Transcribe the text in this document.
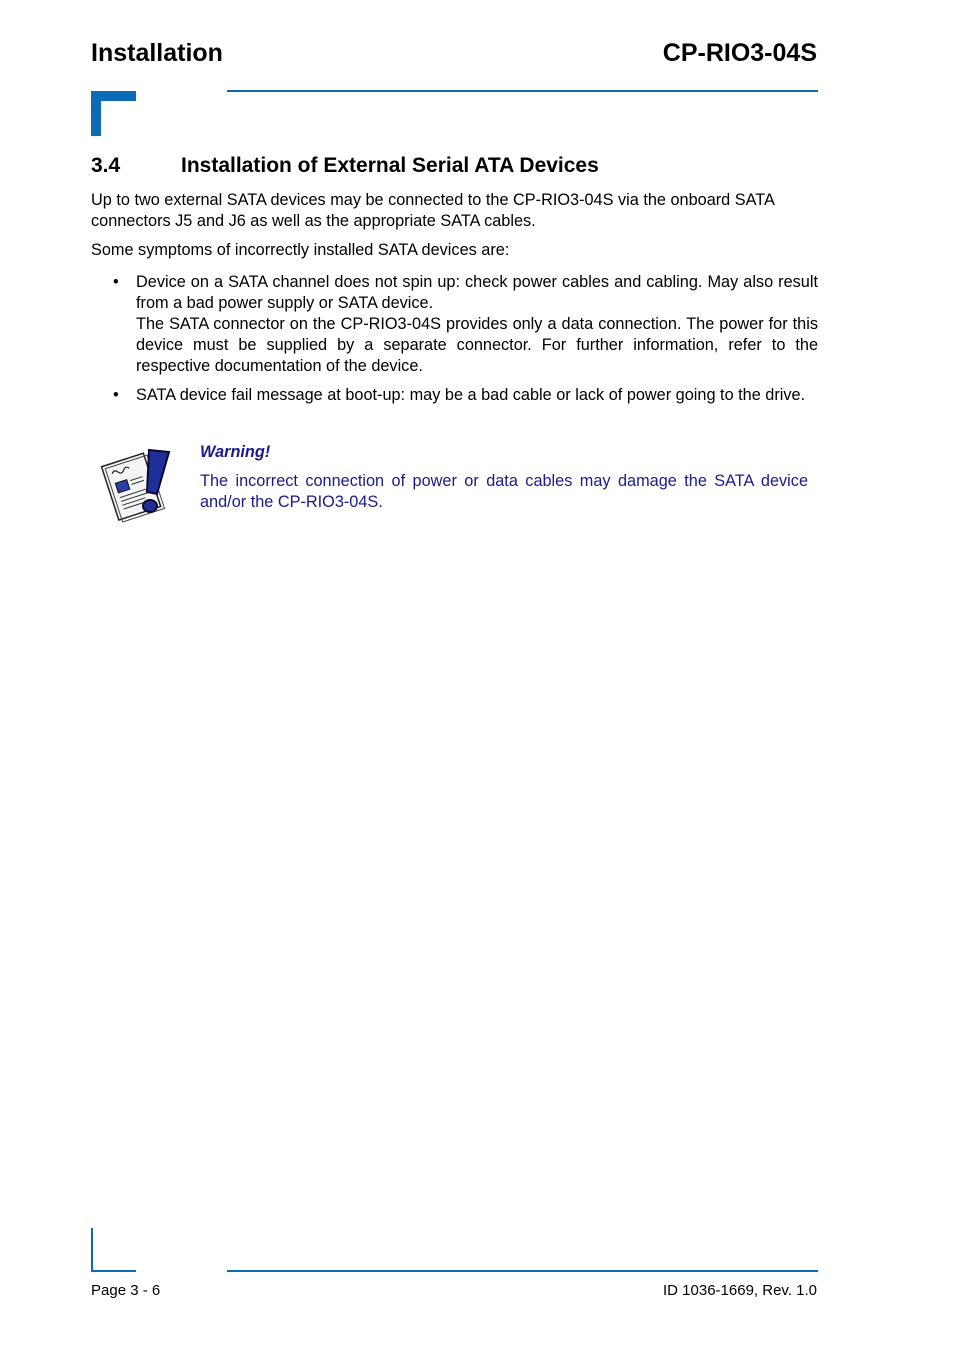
Installation	CP-RIO3-04S
3.4	Installation of External Serial ATA Devices
Up to two external SATA devices may be connected to the CP-RIO3-04S via the onboard SATA connectors J5 and J6 as well as the appropriate SATA cables.
Some symptoms of incorrectly installed SATA devices are:
• Device on a SATA channel does not spin up: check power cables and cabling. May also result from a bad power supply or SATA device.
The SATA connector on the CP-RIO3-04S provides only a data connection. The power for this device must be supplied by a separate connector. For further information, refer to the respective documentation of the device.
• SATA device fail message at boot-up: may be a bad cable or lack of power going to the drive.
Warning!
The incorrect connection of power or data cables may damage the SATA device and/or the CP-RIO3-04S.
Page 3 - 6	ID 1036-1669, Rev. 1.0
